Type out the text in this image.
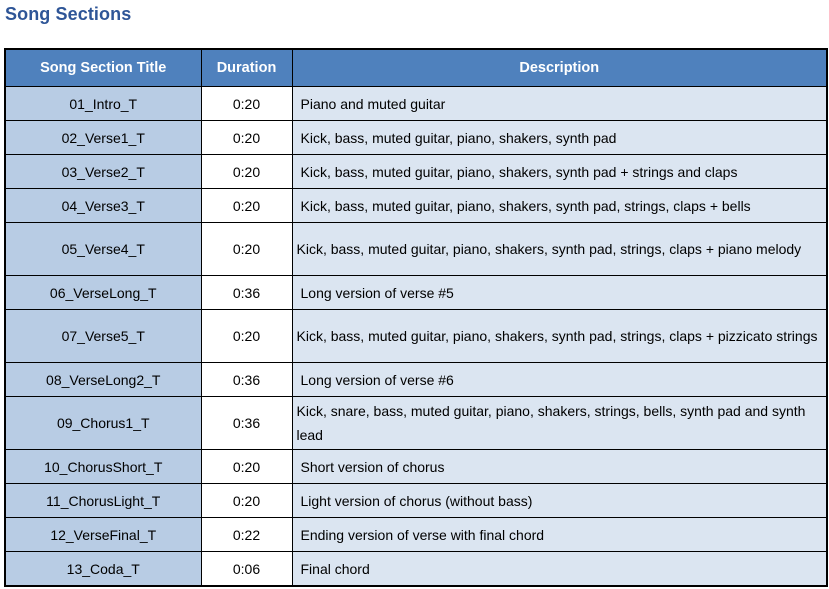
Song Sections
Song Section Title	Duration	Description
01_Intro_T	0:20	Piano and muted guitar
02_Verse1_T	0:20	Kick, bass, muted guitar, piano, shakers, synth pad
03_Verse2_T	0:20	Kick, bass, muted guitar, piano, shakers, synth pad + strings and claps
04_Verse3_T	0:20	Kick, bass, muted guitar, piano, shakers, synth pad, strings, claps + bells
05_Verse4_T	0:20	Kick, bass, muted guitar, piano, shakers, synth pad, strings, claps + piano melody
06_VerseLong_T	0:36	Long version of verse #5
07_Verse5_T	0:20	Kick, bass, muted guitar, piano, shakers, synth pad, strings, claps + pizzicato strings
08_VerseLong2_T	0:36	Long version of verse #6
09_Chorus1_T	0:36	Kick, snare, bass, muted guitar, piano, shakers, strings, bells, synth pad and synth lead
10_ChorusShort_T	0:20	Short version of chorus
11_ChorusLight_T	0:20	Light version of chorus (without bass)
12_VerseFinal_T	0:22	Ending version of verse with final chord
13_Coda_T	0:06	Final chord
